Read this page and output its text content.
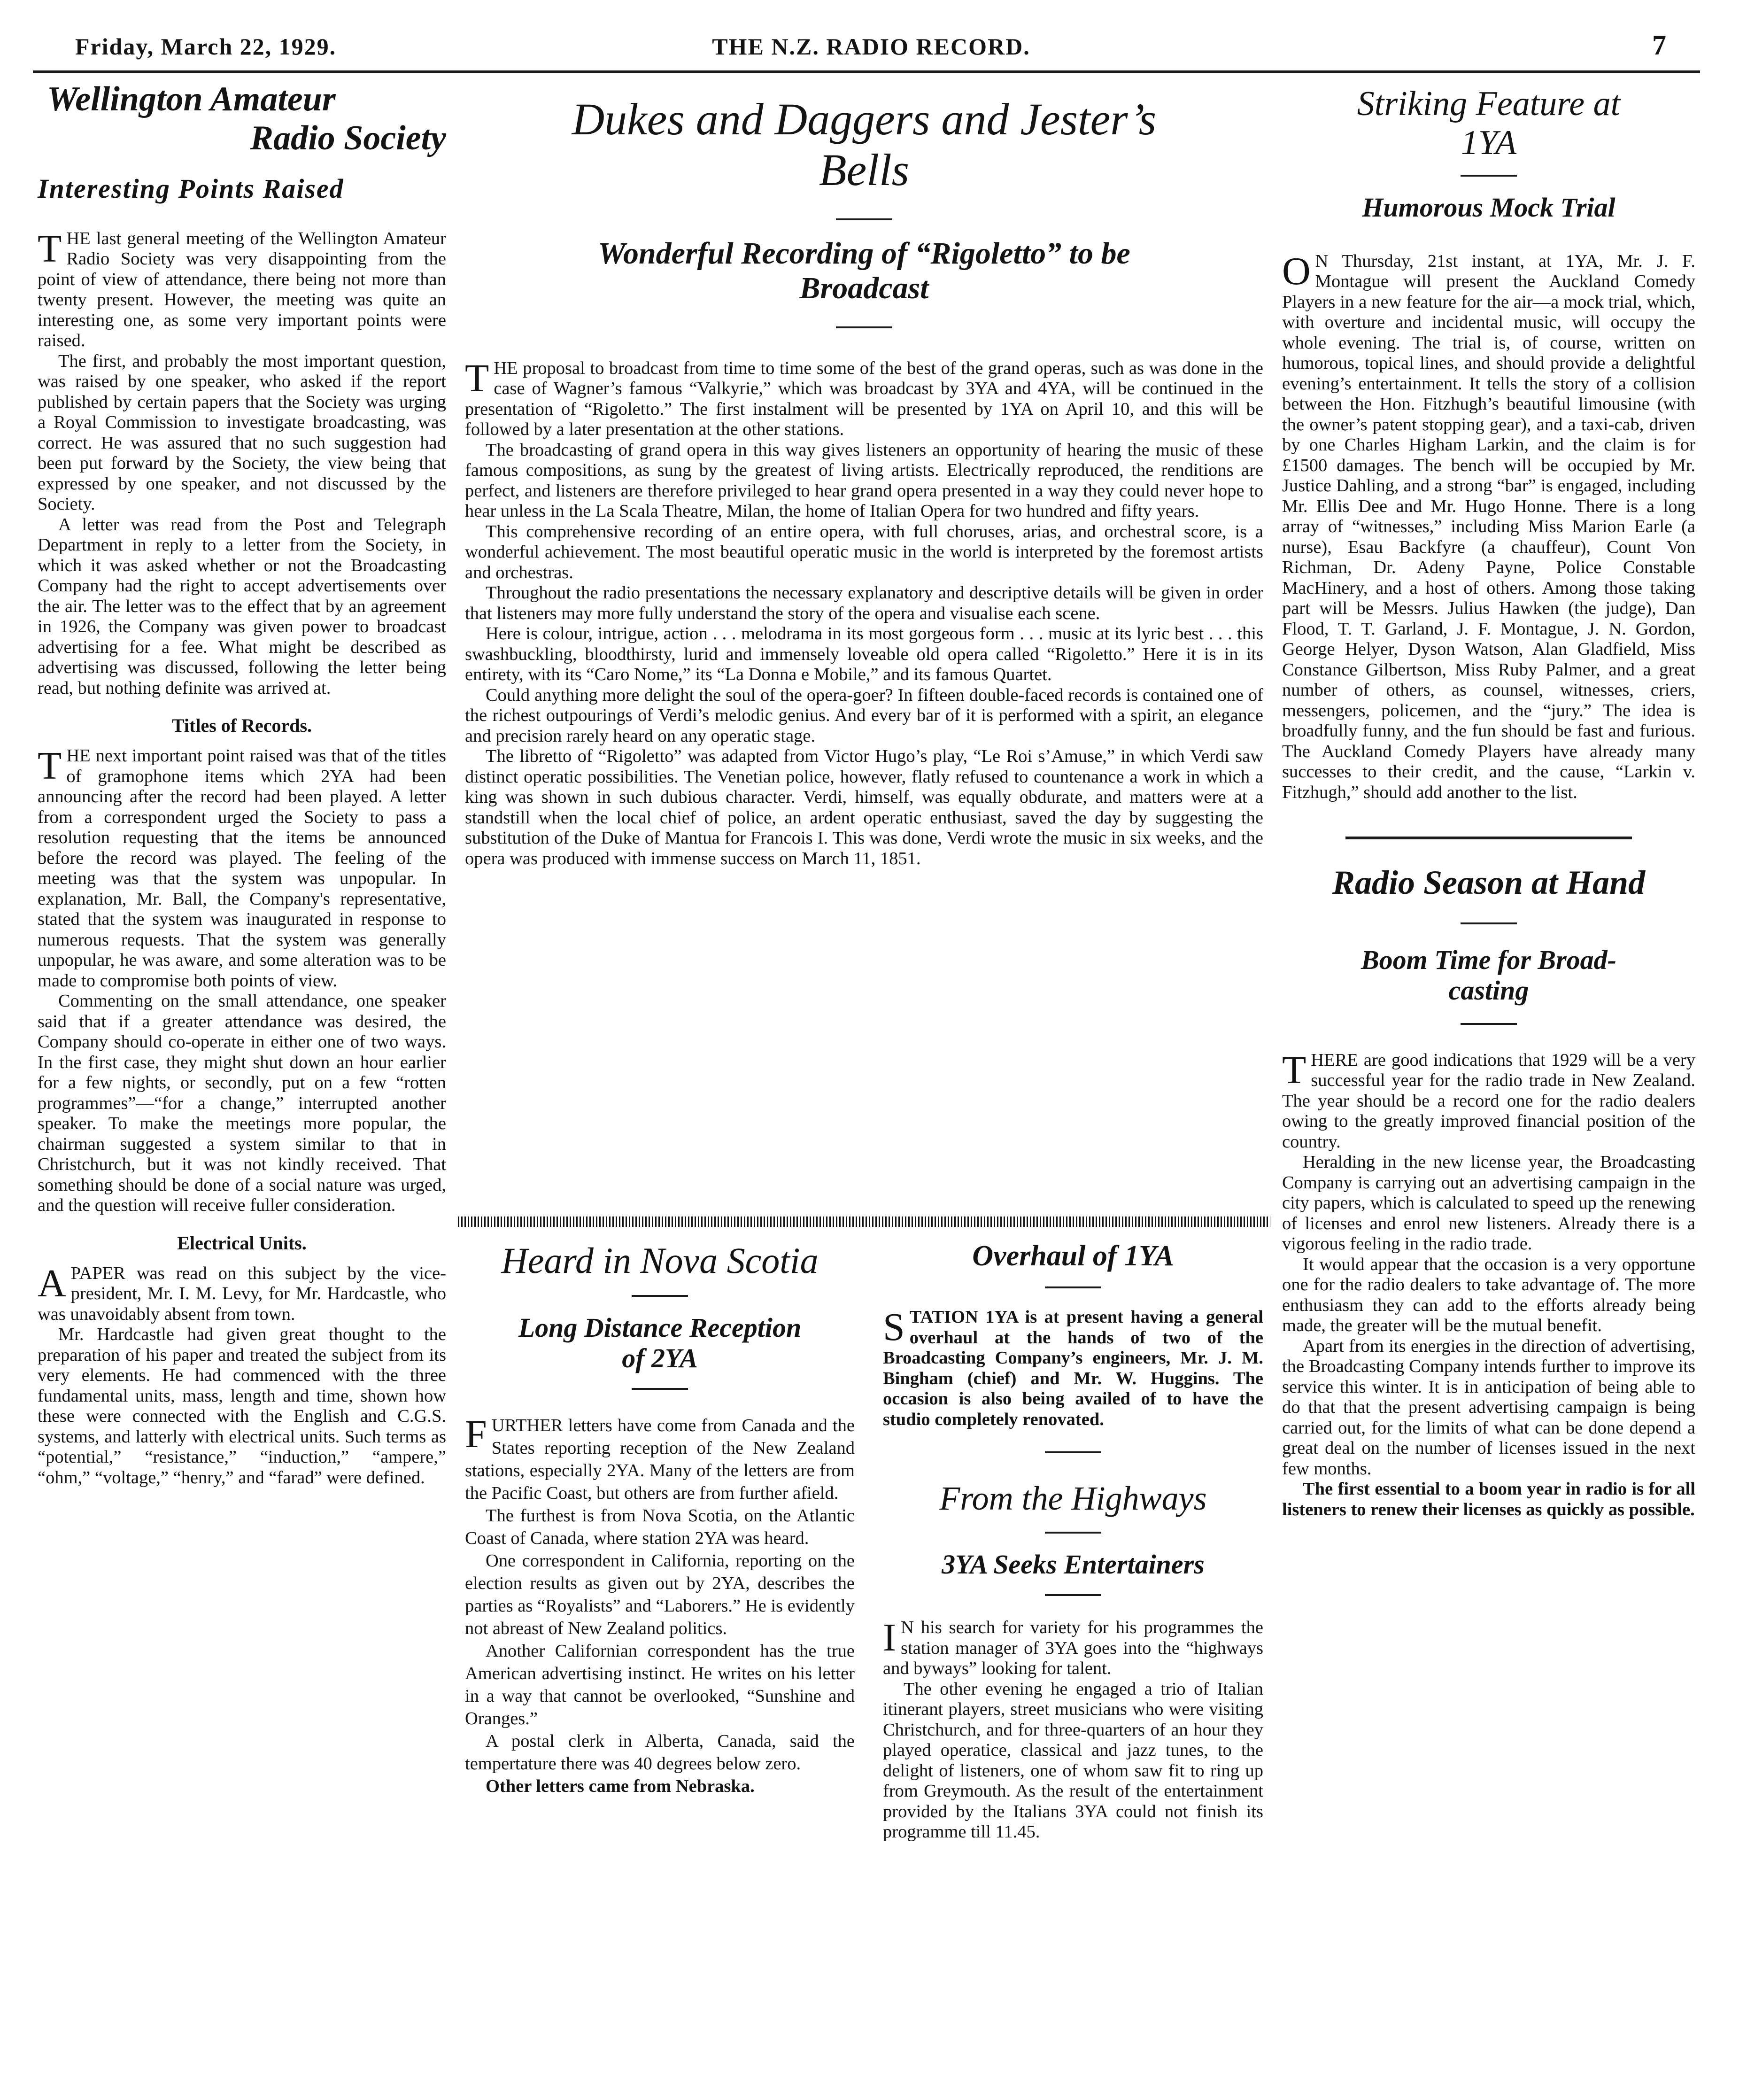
Friday, March 22, 1929.	THE N.Z. RADIO RECORD.	7
Wellington Amateur
Radio Society
Interesting Points Raised

THE last general meeting of the Wellington Amateur Radio Society was very disappointing from the point of view of attendance, there being not more than twenty present. However, the meeting was quite an interesting one, as some very important points were raised.

The first, and probably the most important question, was raised by one speaker, who asked if the report published by certain papers that the Society was urging a Royal Commission to investigate broadcasting, was correct. He was assured that no such suggestion had been put forward by the Society, the view being that expressed by one speaker, and not discussed by the Society.

A letter was read from the Post and Telegraph Department in reply to a letter from the Society, in which it was asked whether or not the Broadcasting Company had the right to accept advertisements over the air. The letter was to the effect that by an agreement in 1926, the Company was given power to broadcast advertising for a fee. What might be described as advertising was discussed, following the letter being read, but nothing definite was arrived at.

Titles of Records.

THE next important point raised was that of the titles of gramophone items which 2YA had been announcing after the record had been played. A letter from a correspondent urged the Society to pass a resolution requesting that the items be announced before the record was played. The feeling of the meeting was that the system was unpopular. In explanation, Mr. Ball, the Company's representative, stated that the system was inaugurated in response to numerous requests. That the system was generally unpopular, he was aware, and some alteration was to be made to compromise both points of view.

Commenting on the small attendance, one speaker said that if a greater attendance was desired, the Company should co-operate in either one of two ways. In the first case, they might shut down an hour earlier for a few nights, or secondly, put on a few “rotten programmes”—“for a change,” interrupted another speaker. To make the meetings more popular, the chairman suggested a system similar to that in Christchurch, but it was not kindly received. That something should be done of a social nature was urged, and the question will receive fuller consideration.

Electrical Units.

APAPER was read on this subject by the vice-president, Mr. I. M. Levy, for Mr. Hardcastle, who was unavoidably absent from town.

Mr. Hardcastle had given great thought to the preparation of his paper and treated the subject from its very elements. He had commenced with the three fundamental units, mass, length and time, shown how these were connected with the English and C.G.S. systems, and latterly with electrical units. Such terms as “potential,” “resistance,” “induction,” “ampere,” “ohm,” “voltage,” “henry,” and “farad” were defined.

Dukes and Daggers and Jester’s
Bells
Wonderful Recording of “Rigoletto” to be
Broadcast

THE proposal to broadcast from time to time some of the best of the grand operas, such as was done in the case of Wagner’s famous “Valkyrie,” which was broadcast by 3YA and 4YA, will be continued in the presentation of “Rigoletto.” The first instalment will be presented by 1YA on April 10, and this will be followed by a later presentation at the other stations.

The broadcasting of grand opera in this way gives listeners an opportunity of hearing the music of these famous compositions, as sung by the greatest of living artists. Electrically reproduced, the renditions are perfect, and listeners are therefore privileged to hear grand opera presented in a way they could never hope to hear unless in the La Scala Theatre, Milan, the home of Italian Opera for two hundred and fifty years.

This comprehensive recording of an entire opera, with full choruses, arias, and orchestral score, is a wonderful achievement. The most beautiful operatic music in the world is interpreted by the foremost artists and orchestras.

Throughout the radio presentations the necessary explanatory and descriptive details will be given in order that listeners may more fully understand the story of the opera and visualise each scene.

Here is colour, intrigue, action . . . melodrama in its most gorgeous form . . . music at its lyric best . . . this swashbuckling, bloodthirsty, lurid and immensely loveable old opera called “Rigoletto.” Here it is in its entirety, with its “Caro Nome,” its “La Donna e Mobile,” and its famous Quartet.

Could anything more delight the soul of the opera-goer? In fifteen double-faced records is contained one of the richest outpourings of Verdi’s melodic genius. And every bar of it is performed with a spirit, an elegance and precision rarely heard on any operatic stage.

The libretto of “Rigoletto” was adapted from Victor Hugo’s play, “Le Roi s’Amuse,” in which Verdi saw distinct operatic possibilities. The Venetian police, however, flatly refused to countenance a work in which a king was shown in such dubious character. Verdi, himself, was equally obdurate, and matters were at a standstill when the local chief of police, an ardent operatic enthusiast, saved the day by suggesting the substitution of the Duke of Mantua for Francois I. This was done, Verdi wrote the music in six weeks, and the opera was produced with immense success on March 11, 1851.

Heard in Nova Scotia
Long Distance Reception
of 2YA

FURTHER letters have come from Canada and the States reporting reception of the New Zealand stations, especially 2YA. Many of the letters are from the Pacific Coast, but others are from further afield.

The furthest is from Nova Scotia, on the Atlantic Coast of Canada, where station 2YA was heard.

One correspondent in California, reporting on the election results as given out by 2YA, describes the parties as “Royalists” and “Laborers.” He is evidently not abreast of New Zealand politics.

Another Californian correspondent has the true American advertising instinct. He writes on his letter in a way that cannot be overlooked, “Sunshine and Oranges.”

A postal clerk in Alberta, Canada, said the tempertature there was 40 degrees below zero.

Other letters came from Nebraska.

Overhaul of 1YA

STATION 1YA is at present having a general overhaul at the hands of two of the Broadcasting Company’s engineers, Mr. J. M. Bingham (chief) and Mr. W. Huggins. The occasion is also being availed of to have the studio completely renovated.

From the Highways
3YA Seeks Entertainers

I N his search for variety for his programmes the station manager of 3YA goes into the “highways and byways” looking for talent.

The other evening he engaged a trio of Italian itinerant players, street musicians who were visiting Christchurch, and for three-quarters of an hour they played operatice, classical and jazz tunes, to the delight of listeners, one of whom saw fit to ring up from Greymouth. As the result of the entertainment provided by the Italians 3YA could not finish its programme till 11.45.

Striking Feature at
1YA
Humorous Mock Trial

O N Thursday, 21st instant, at 1YA, Mr. J. F. Montague will present the Auckland Comedy Players in a new feature for the air—a mock trial, which, with overture and incidental music, will occupy the whole evening. The trial is, of course, written on humorous, topical lines, and should provide a delightful evening’s entertainment. It tells the story of a collision between the Hon. Fitzhugh’s beautiful limousine (with the owner’s patent stopping gear), and a taxi-cab, driven by one Charles Higham Larkin, and the claim is for £1500 damages. The bench will be occupied by Mr. Justice Dahling, and a strong “bar” is engaged, including Mr. Ellis Dee and Mr. Hugo Honne. There is a long array of “witnesses,” including Miss Marion Earle (a nurse), Esau Backfyre (a chauffeur), Count Von Richman, Dr. Adeny Payne, Police Constable MacHinery, and a host of others. Among those taking part will be Messrs. Julius Hawken (the judge), Dan Flood, T. T. Garland, J. F. Montague, J. N. Gordon, George Helyer, Dyson Watson, Alan Gladfield, Miss Constance Gilbertson, Miss Ruby Palmer, and a great number of others, as counsel, witnesses, criers, messengers, policemen, and the “jury.” The idea is broadfully funny, and the fun should be fast and furious. The Auckland Comedy Players have already many successes to their credit, and the cause, “Larkin v. Fitzhugh,” should add another to the list.

Radio Season at Hand
Boom Time for Broad-
casting

THERE are good indications that 1929 will be a very successful year for the radio trade in New Zealand. The year should be a record one for the radio dealers owing to the greatly improved financial position of the country.

Heralding in the new license year, the Broadcasting Company is carrying out an advertising campaign in the city papers, which is calculated to speed up the renewing of licenses and enrol new listeners. Already there is a vigorous feeling in the radio trade.

It would appear that the occasion is a very opportune one for the radio dealers to take advantage of. The more enthusiasm they can add to the efforts already being made, the greater will be the mutual benefit.

Apart from its energies in the direction of advertising, the Broadcasting Company intends further to improve its service this winter. It is in anticipation of being able to do that that the present advertising campaign is being carried out, for the limits of what can be done depend a great deal on the number of licenses issued in the next few months.

The first essential to a boom year in radio is for all listeners to renew their licenses as quickly as possible.
